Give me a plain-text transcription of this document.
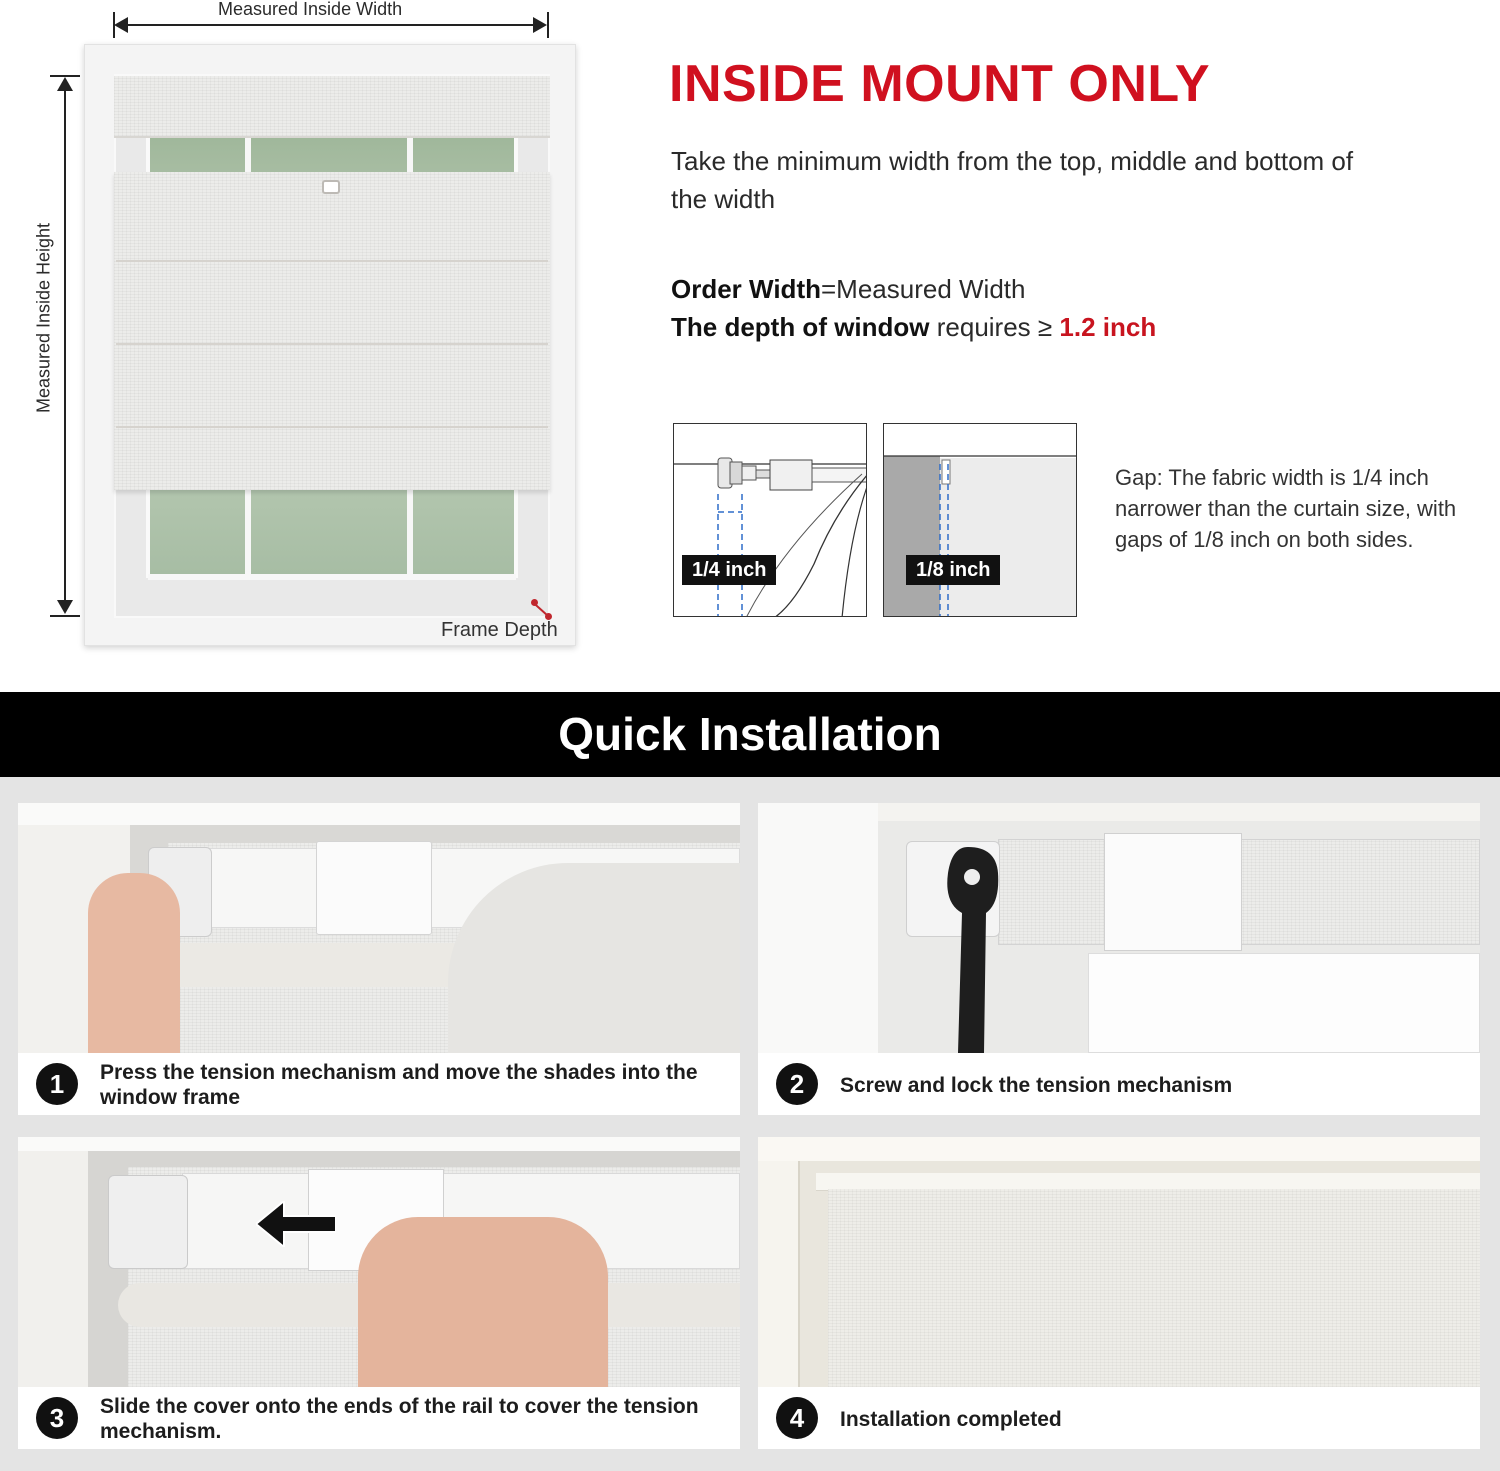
Measured Inside Width
Measured Inside Height
Frame Depth
INSIDE MOUNT ONLY
Take the minimum width from the top, middle and bottom of the width
Order Width=Measured Width
The depth of window requires ≥ 1.2 inch
1/4 inch	1/8 inch
Gap: The fabric width is 1/4 inch narrower than the curtain size, with gaps of 1/8 inch on both sides.
Quick Installation
1	Press the tension mechanism and move the shades into the window frame	2	Screw and lock the tension mechanism
3	Slide the cover onto the ends of the rail to cover the tension mechanism.	4	Installation completed
